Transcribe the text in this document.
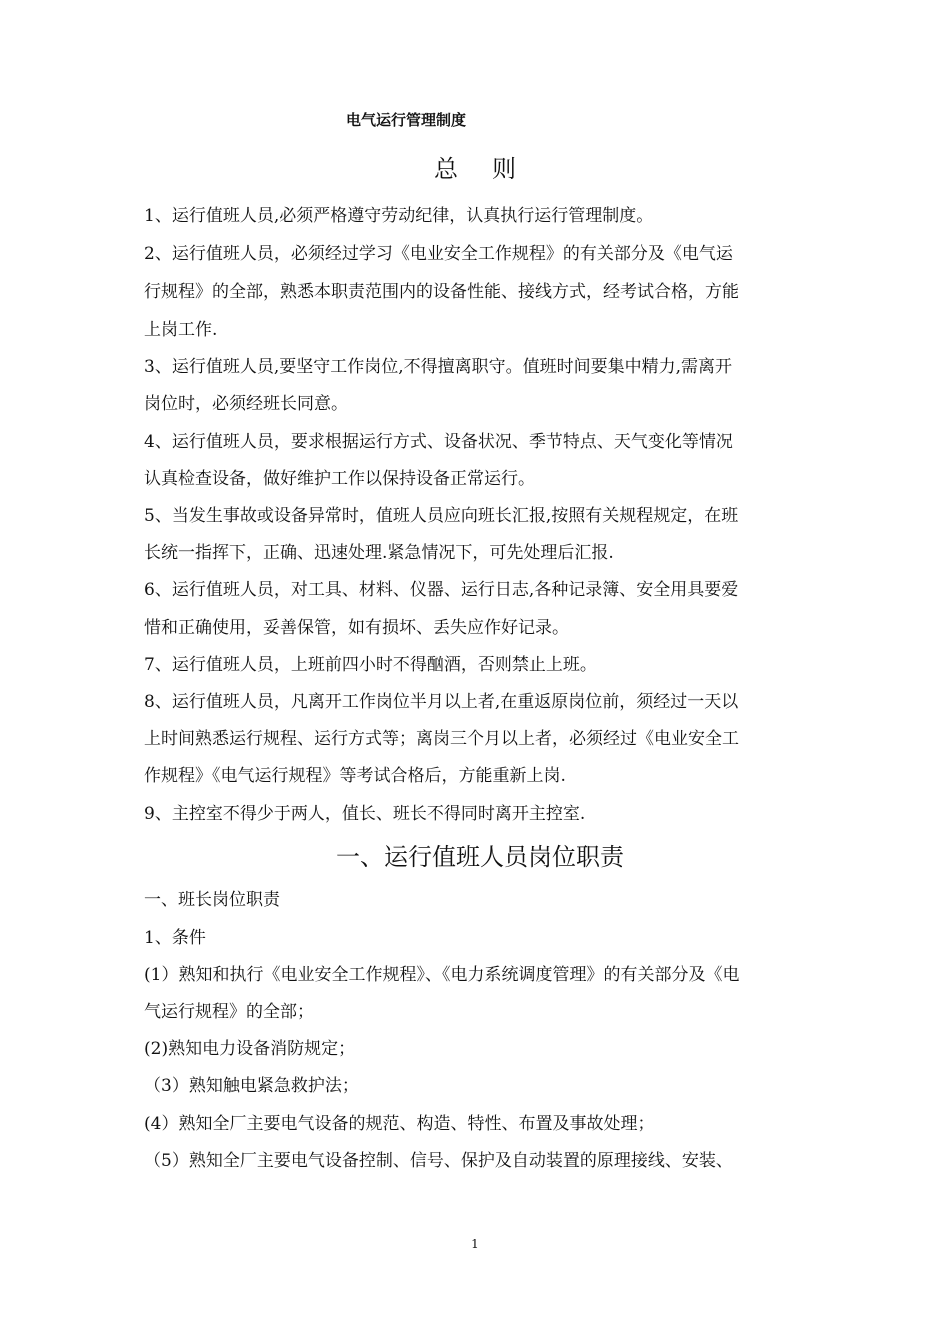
电气运行管理制度
总则
1、运行值班人员,必须严格遵守劳动纪律，认真执行运行管理制度。
2、运行值班人员，必须经过学习《电业安全工作规程》的有关部分及《电气运
行规程》的全部，熟悉本职责范围内的设备性能、接线方式，经考试合格，方能
上岗工作.
3、运行值班人员,要坚守工作岗位,不得擅离职守。值班时间要集中精力,需离开
岗位时，必须经班长同意。
4、运行值班人员，要求根据运行方式、设备状况、季节特点、天气变化等情况
认真检查设备，做好维护工作以保持设备正常运行。
5、当发生事故或设备异常时，值班人员应向班长汇报,按照有关规程规定，在班
长统一指挥下，正确、迅速处理.紧急情况下，可先处理后汇报.
6、运行值班人员，对工具、材料、仪器、运行日志,各种记录簿、安全用具要爱
惜和正确使用，妥善保管，如有损坏、丢失应作好记录。
7、运行值班人员，上班前四小时不得酗酒，否则禁止上班。
8、运行值班人员，凡离开工作岗位半月以上者,在重返原岗位前，须经过一天以
上时间熟悉运行规程、运行方式等；离岗三个月以上者，必须经过《电业安全工
作规程》《电气运行规程》等考试合格后，方能重新上岗.
9、主控室不得少于两人，值长、班长不得同时离开主控室.
一、运行值班人员岗位职责
一、班长岗位职责
1、条件
(1）熟知和执行《电业安全工作规程》、《电力系统调度管理》的有关部分及《电
气运行规程》的全部；
(2)熟知电力设备消防规定；
（3）熟知触电紧急救护法；
(4）熟知全厂主要电气设备的规范、构造、特性、布置及事故处理；
（5）熟知全厂主要电气设备控制、信号、保护及自动装置的原理接线、安装、
1
